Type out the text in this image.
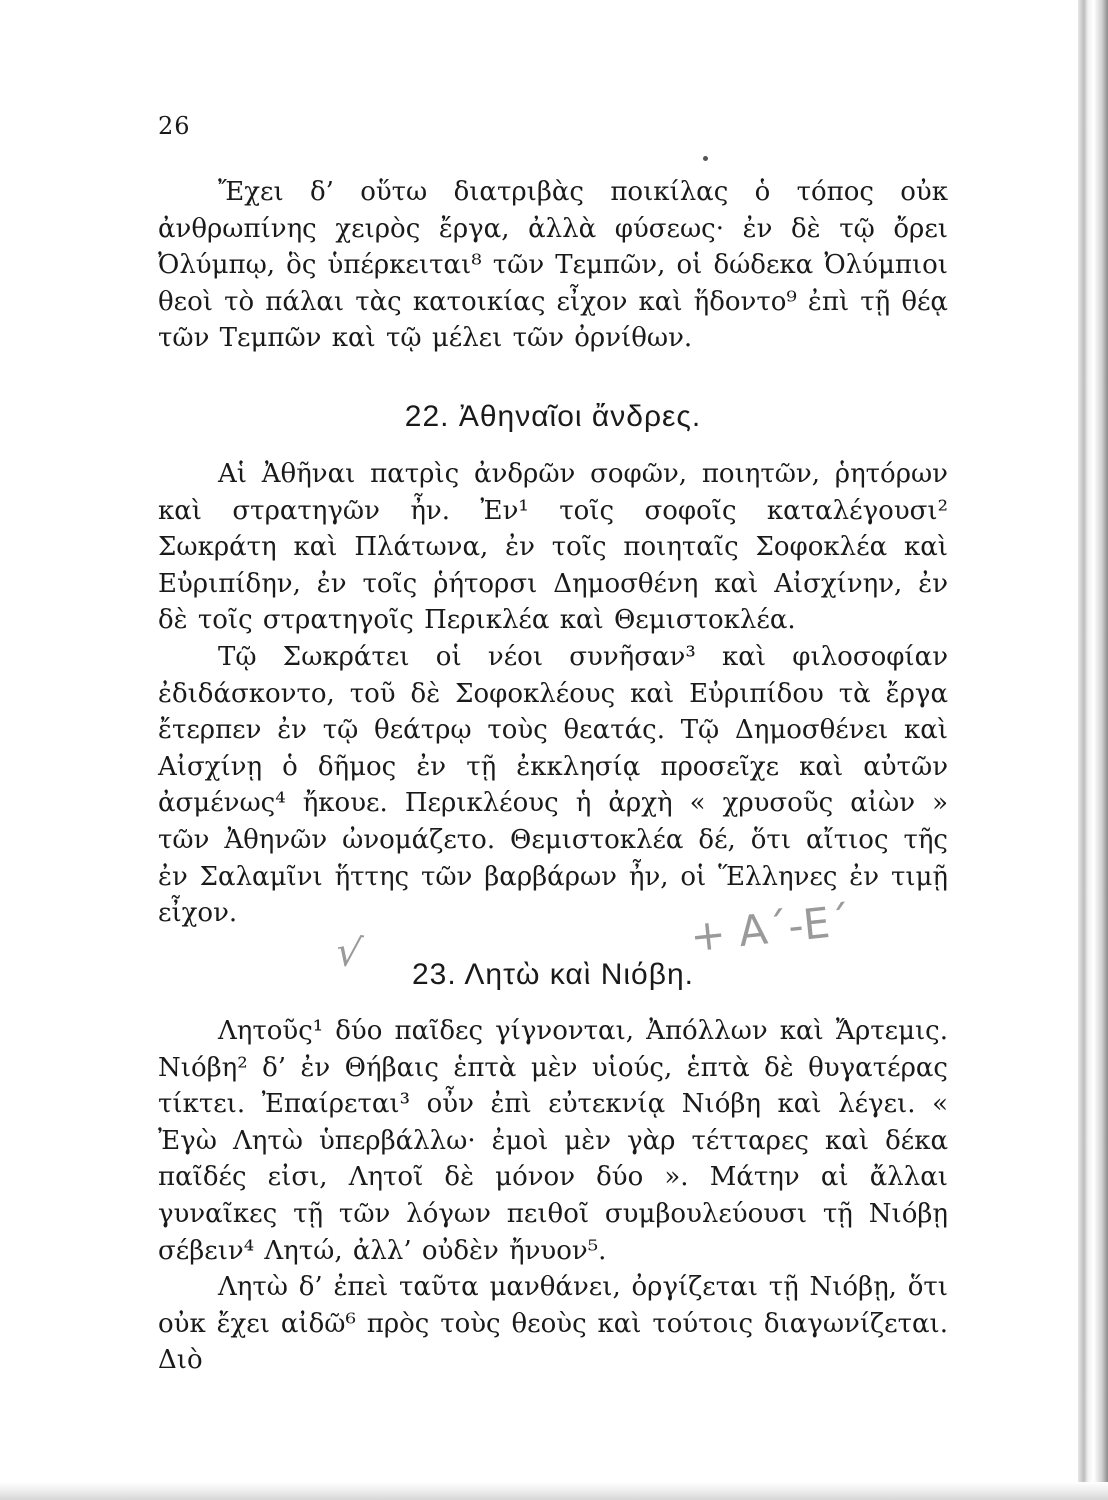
26

Ἔχει δ’ οὕτω διατριβὰς ποικίλας ὁ τόπος οὐκ ἀνθρωπίνης χειρὸς ἔργα, ἀλλὰ φύσεως· ἐν δὲ τῷ ὄρει Ὀλύμπῳ, ὃς ὑπέρκειται⁸ τῶν Τεμπῶν, οἱ δώδεκα Ὀλύμπιοι θεοὶ τὸ πάλαι τὰς κατοικίας εἶχον καὶ ἥδοντο⁹ ἐπὶ τῇ θέᾳ τῶν Τεμπῶν καὶ τῷ μέλει τῶν ὀρνίθων.

22. Ἀθηναῖοι ἄνδρες.

Αἱ Ἀθῆναι πατρὶς ἀνδρῶν σοφῶν, ποιητῶν, ῥητόρων καὶ στρατηγῶν ἦν. Ἐν¹ τοῖς σοφοῖς καταλέγουσι² Σωκράτη καὶ Πλάτωνα, ἐν τοῖς ποιηταῖς Σοφοκλέα καὶ Εὐριπίδην, ἐν τοῖς ῥήτορσι Δημοσθένη καὶ Αἰσχίνην, ἐν δὲ τοῖς στρατηγοῖς Περικλέα καὶ Θεμιστοκλέα.

Τῷ Σωκράτει οἱ νέοι συνῆσαν³ καὶ φιλοσοφίαν ἐδιδάσκοντο, τοῦ δὲ Σοφοκλέους καὶ Εὐριπίδου τὰ ἔργα ἔτερπεν ἐν τῷ θεάτρῳ τοὺς θεατάς. Τῷ Δημοσθένει καὶ Αἰσχίνῃ ὁ δῆμος ἐν τῇ ἐκκλησίᾳ προσεῖχε καὶ αὐτῶν ἀσμένως⁴ ἤκουε. Περικλέους ἡ ἀρχὴ « χρυσοῦς αἰὼν » τῶν Ἀθηνῶν ὠνομάζετο. Θεμιστοκλέα δέ, ὅτι αἴτιος τῆς ἐν Σαλαμῖνι ἥττης τῶν βαρβάρων ἦν, οἱ Ἕλληνες ἐν τιμῇ εἶχον.

√	+ Α΄-Ε΄
23. Λητὼ καὶ Νιόβη.

Λητοῦς¹ δύο παῖδες γίγνονται, Ἀπόλλων καὶ Ἄρτεμις. Νιόβη² δ’ ἐν Θήβαις ἑπτὰ μὲν υἱούς, ἑπτὰ δὲ θυγατέρας τίκτει. Ἐπαίρεται³ οὖν ἐπὶ εὐτεκνίᾳ Νιόβη καὶ λέγει. « Ἐγὼ Λητὼ ὑπερβάλλω· ἐμοὶ μὲν γὰρ τέτταρες καὶ δέκα παῖδές εἰσι, Λητοῖ δὲ μόνον δύο ». Μάτην αἱ ἄλλαι γυναῖκες τῇ τῶν λόγων πειθοῖ συμβουλεύουσι τῇ Νιόβῃ σέβειν⁴ Λητώ, ἀλλ’ οὐδὲν ἤνυον⁵.

Λητὼ δ’ ἐπεὶ ταῦτα μανθάνει, ὀργίζεται τῇ Νιόβῃ, ὅτι οὐκ ἔχει αἰδῶ⁶ πρὸς τοὺς θεοὺς καὶ τούτοις διαγωνίζεται. Διὸ
